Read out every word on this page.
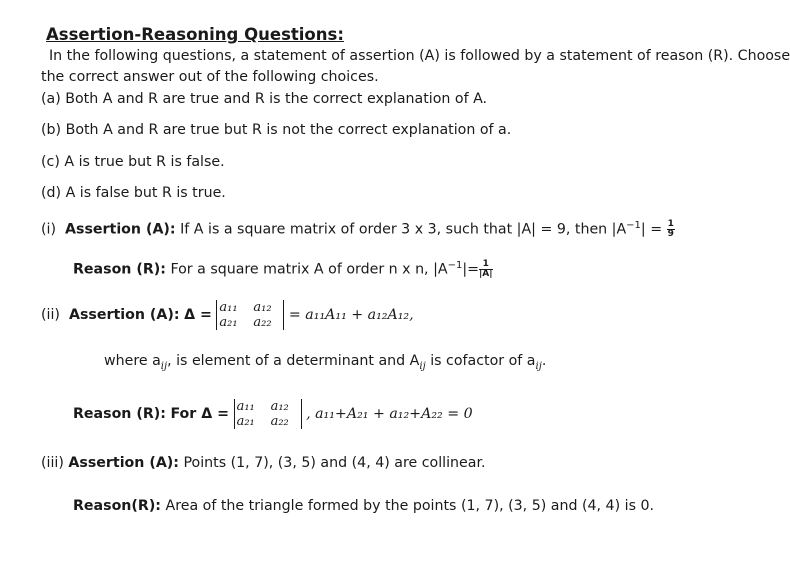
Assertion-Reasoning Questions:
In the following questions, a statement of assertion (A) is followed by a statement of reason (R). Choose
the correct answer out of the following choices.
(a) Both A and R are true and R is the correct explanation of A.
(b) Both A and R are true but R is not the correct explanation of a.
(c) A is true but R is false.
(d) A is false but R is true.
(i) Assertion (A): If A is a square matrix of order 3 x 3, such that |A| = 9, then $|A^{-1}| = \frac{1}{9}$
Reason (R): For a square matrix A of order n x n, $|A^{-1}|= \frac{1}{|A|}$
(ii) Assertion (A): Δ = a₁₁ a₁₂
a₂₁ a₂₂	= a₁₁A₁₁ + a₁₂A₁₂,
where $a_{ij}$, is element of a determinant and $A_{ij}$ is cofactor of $a_{ij}$.
Reason (R): For Δ = a₁₁ a₁₂
a₂₁ a₂₂	, a₁₁+A₂₁ + a₁₂+A₂₂ = 0
(iii) Assertion (A): Points (1, 7), (3, 5) and (4, 4) are collinear.
Reason(R): Area of the triangle formed by the points (1, 7), (3, 5) and (4, 4) is 0.
